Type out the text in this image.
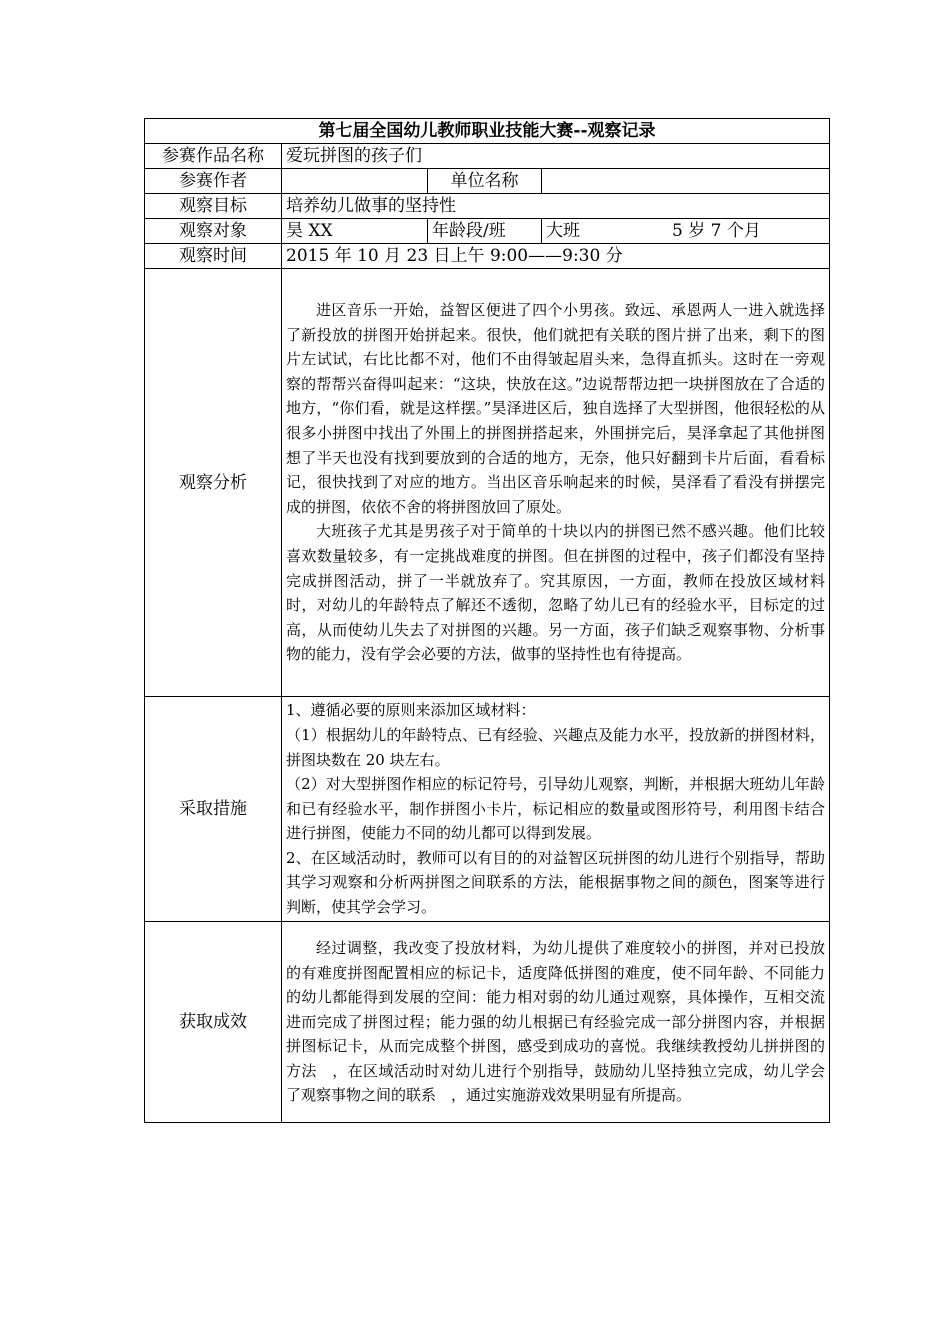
第七届全国幼儿教师职业技能大赛--观察记录			
参赛作品名称	爱玩拼图的孩子们		
参赛作者		单位名称	
观察目标	培养幼儿做事的坚持性		
观察对象	昊 XX	年龄段/班	大班 5 岁 7 个月
观察时间	2015 年 10 月 23 日上午 9:00——9:30 分		
观察分析	进区音乐一开始，益智区便进了四个小男孩。致远、承恩两人一进入就选择了新投放的拼图开始拼起来。很快，他们就把有关联的图片拼了出来，剩下的图片左试试，右比比都不对，他们不由得皱起眉头来，急得直抓头。这时在一旁观察的帮帮兴奋得叫起来：“这块，快放在这。”边说帮帮边把一块拼图放在了合适的地方，“你们看，就是这样摆。”昊泽进区后，独自选择了大型拼图，他很轻松的从很多小拼图中找出了外围上的拼图拼搭起来，外围拼完后，昊泽拿起了其他拼图想了半天也没有找到要放到的合适的地方，无奈，他只好翻到卡片后面，看看标记，很快找到了对应的地方。当出区音乐响起来的时候，昊泽看了看没有拼摆完成的拼图，依依不舍的将拼图放回了原处。

大班孩子尤其是男孩子对于简单的十块以内的拼图已然不感兴趣。他们比较喜欢数量较多，有一定挑战难度的拼图。但在拼图的过程中，孩子们都没有坚持完成拼图活动，拼了一半就放弃了。究其原因，一方面，教师在投放区域材料时，对幼儿的年龄特点了解还不透彻，忽略了幼儿已有的经验水平，目标定的过高，从而使幼儿失去了对拼图的兴趣。另一方面，孩子们缺乏观察事物、分析事物的能力，没有学会必要的方法，做事的坚持性也有待提高。		

采取措施	1、遵循必要的原则来添加区域材料：

（1）根据幼儿的年龄特点、已有经验、兴趣点及能力水平，投放新的拼图材料，拼图块数在 20 块左右。

（2）对大型拼图作相应的标记符号，引导幼儿观察，判断，并根据大班幼儿年龄和已有经验水平，制作拼图小卡片，标记相应的数量或图形符号，利用图卡结合进行拼图，使能力不同的幼儿都可以得到发展。

2、在区域活动时，教师可以有目的的对益智区玩拼图的幼儿进行个别指导，帮助其学习观察和分析两拼图之间联系的方法，能根据事物之间的颜色，图案等进行判断，使其学会学习。		

获取成效	经过调整，我改变了投放材料，为幼儿提供了难度较小的拼图，并对已投放的有难度拼图配置相应的标记卡，适度降低拼图的难度，使不同年龄、不同能力的幼儿都能得到发展的空间：能力相对弱的幼儿通过观察，具体操作，互相交流进而完成了拼图过程；能力强的幼儿根据已有经验完成一部分拼图内容，并根据拼图标记卡，从而完成整个拼图，感受到成功的喜悦。我继续教授幼儿拼拼图的方法　，在区域活动时对幼儿进行个别指导，鼓励幼儿坚持独立完成，幼儿学会了观察事物之间的联系　，通过实施游戏效果明显有所提高。		
